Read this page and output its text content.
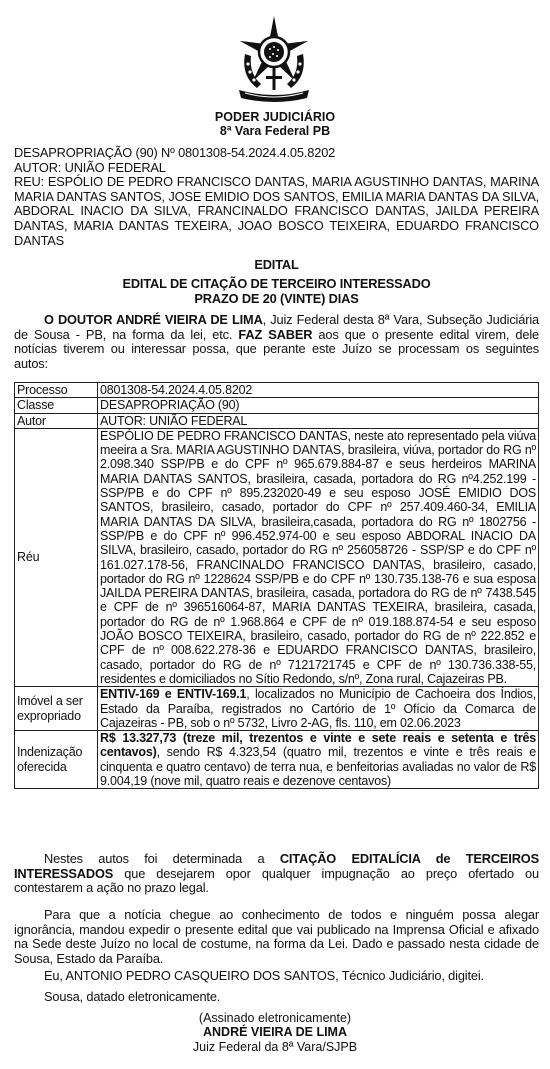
PODER JUDICIÁRIO
8ª Vara Federal PB
DESAPROPRIAÇÃO (90) Nº 0801308-54.2024.4.05.8202
AUTOR: UNIÃO FEDERAL
REU: ESPÓLIO DE PEDRO FRANCISCO DANTAS, MARIA AGUSTINHO DANTAS, MARINA MARIA DANTAS SANTOS, JOSE EMIDIO DOS SANTOS, EMILIA MARIA DANTAS DA SILVA, ABDORAL INACIO DA SILVA, FRANCINALDO FRANCISCO DANTAS, JAILDA PEREIRA DANTAS, MARIA DANTAS TEXEIRA, JOAO BOSCO TEIXEIRA, EDUARDO FRANCISCO DANTAS
EDITAL
EDITAL DE CITAÇÃO DE TERCEIRO INTERESSADO
PRAZO DE 20 (VINTE) DIAS
O DOUTOR ANDRÉ VIEIRA DE LIMA, Juiz Federal desta 8ª Vara, Subseção Judiciária de Sousa - PB, na forma da lei, etc. FAZ SABER aos que o presente edital virem, dele notícias tiverem ou interessar possa, que perante este Juízo se processam os seguintes autos:
Processo	0801308-54.2024.4.05.8202
Classe	DESAPROPRIAÇÃO (90)
Autor	AUTOR: UNIÃO FEDERAL
Réu	ESPÓLIO DE PEDRO FRANCISCO DANTAS, neste ato representado pela viúva meeira a Sra. MARIA AGUSTINHO DANTAS, brasileira, viúva, portador do RG nº 2.098.340 SSP/PB e do CPF nº 965.679.884-87 e seus herdeiros MARINA MARIA DANTAS SANTOS, brasileira, casada, portadora do RG nº4.252.199 - SSP/PB e do CPF nº 895.232020-49 e seu esposo JOSÉ EMIDIO DOS SANTOS, brasileiro, casado, portador do CPF nº 257.409.460-34, EMILIA MARIA DANTAS DA SILVA, brasileira,casada, portadora do RG nº 1802756 - SSP/PB e do CPF nº 996.452.974-00 e seu esposo ABDORAL INACIO DA SILVA, brasileiro, casado, portador do RG nº 256058726 - SSP/SP e do CPF nº 161.027.178-56, FRANCINALDO FRANCISCO DANTAS, brasileiro, casado, portador do RG nº 1228624 SSP/PB e do CPF nº 130.735.138-76 e sua esposa JAILDA PEREIRA DANTAS, brasileira, casada, portadora do RG de nº 7438.545 e CPF de nº 396516064-87, MARIA DANTAS TEXEIRA, brasileira, casada, portador do RG de nº 1.968.864 e CPF de nº 019.188.874-54 e seu esposo JOÃO BOSCO TEIXEIRA, brasileiro, casado, portador do RG de nº 222.852 e CPF de nº 008.622.278-36 e EDUARDO FRANCISCO DANTAS, brasileiro, casado, portador do RG de nº 7121721745 e CPF de nº 130.736.338-55, residentes e domiciliados no Sítio Redondo, s/nº, Zona rural, Cajazeiras PB.
Imóvel a ser expropriado	ENTIV-169 e ENTIV-169.1, localizados no Município de Cachoeira dos Índios, Estado da Paraíba, registrados no Cartório de 1º Ofício da Comarca de Cajazeiras - PB, sob o nº 5732, Livro 2-AG, fls. 110, em 02.06.2023
Indenização oferecida	R$ 13.327,73 (treze mil, trezentos e vinte e sete reais e setenta e três centavos), sendo R$ 4.323,54 (quatro mil, trezentos e vinte e três reais e cinquenta e quatro centavo) de terra nua, e benfeitorias avaliadas no valor de R$ 9.004,19 (nove mil, quatro reais e dezenove centavos)
Nestes autos foi determinada a CITAÇÃO EDITALÍCIA de TERCEIROS INTERESSADOS que desejarem opor qualquer impugnação ao preço ofertado ou contestarem a ação no prazo legal.
Para que a notícia chegue ao conhecimento de todos e ninguém possa alegar ignorância, mandou expedir o presente edital que vai publicado na Imprensa Oficial e afixado na Sede deste Juízo no local de costume, na forma da Lei. Dado e passado nesta cidade de Sousa, Estado da Paraíba.
Eu, ANTONIO PEDRO CASQUEIRO DOS SANTOS, Técnico Judiciário, digitei.
Sousa, datado eletronicamente.
(Assinado eletronicamente)
ANDRÉ VIEIRA DE LIMA
Juiz Federal da 8ª Vara/SJPB
